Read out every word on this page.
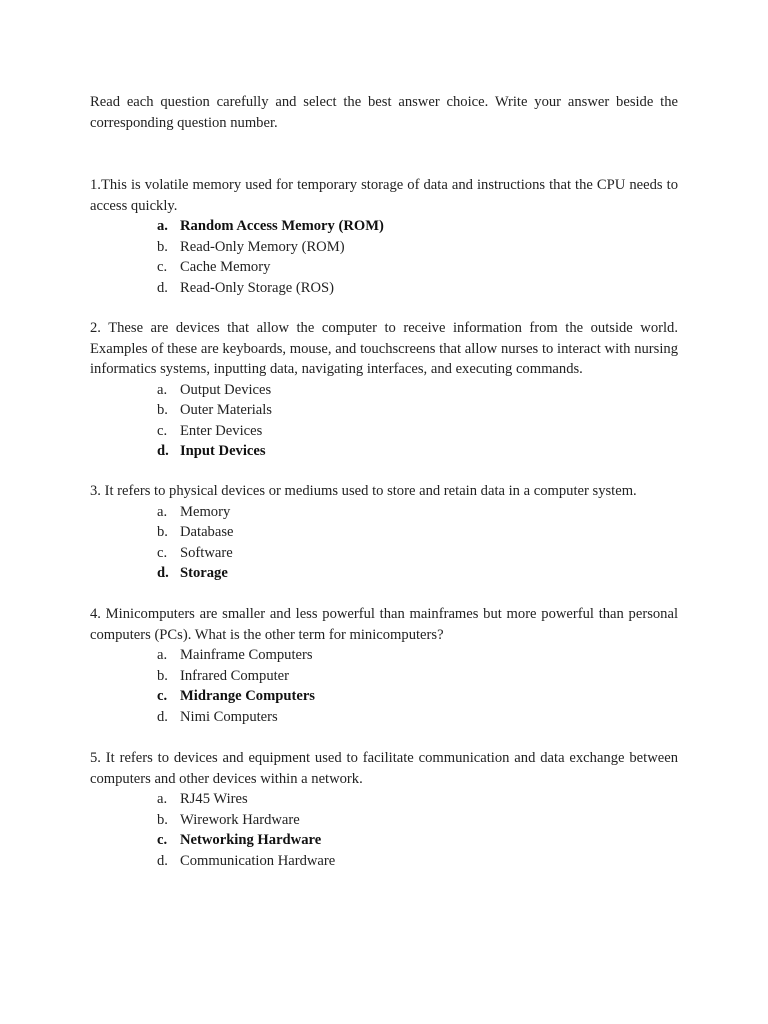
Read each question carefully and select the best answer choice. Write your answer beside the corresponding question number.

1.This is volatile memory used for temporary storage of data and instructions that the CPU needs to access quickly.

a. Random Access Memory (ROM)
b. Read-Only Memory (ROM)
c. Cache Memory
d. Read-Only Storage (ROS)

2. These are devices that allow the computer to receive information from the outside world. Examples of these are keyboards, mouse, and touchscreens that allow nurses to interact with nursing informatics systems, inputting data, navigating interfaces, and executing commands.

a. Output Devices
b. Outer Materials
c. Enter Devices
d. Input Devices

3. It refers to physical devices or mediums used to store and retain data in a computer system.

a. Memory
b. Database
c. Software
d. Storage

4. Minicomputers are smaller and less powerful than mainframes but more powerful than personal computers (PCs). What is the other term for minicomputers?

a. Mainframe Computers
b. Infrared Computer
c. Midrange Computers
d. Nimi Computers

5. It refers to devices and equipment used to facilitate communication and data exchange between computers and other devices within a network.

a. RJ45 Wires
b. Wirework Hardware
c. Networking Hardware
d. Communication Hardware
